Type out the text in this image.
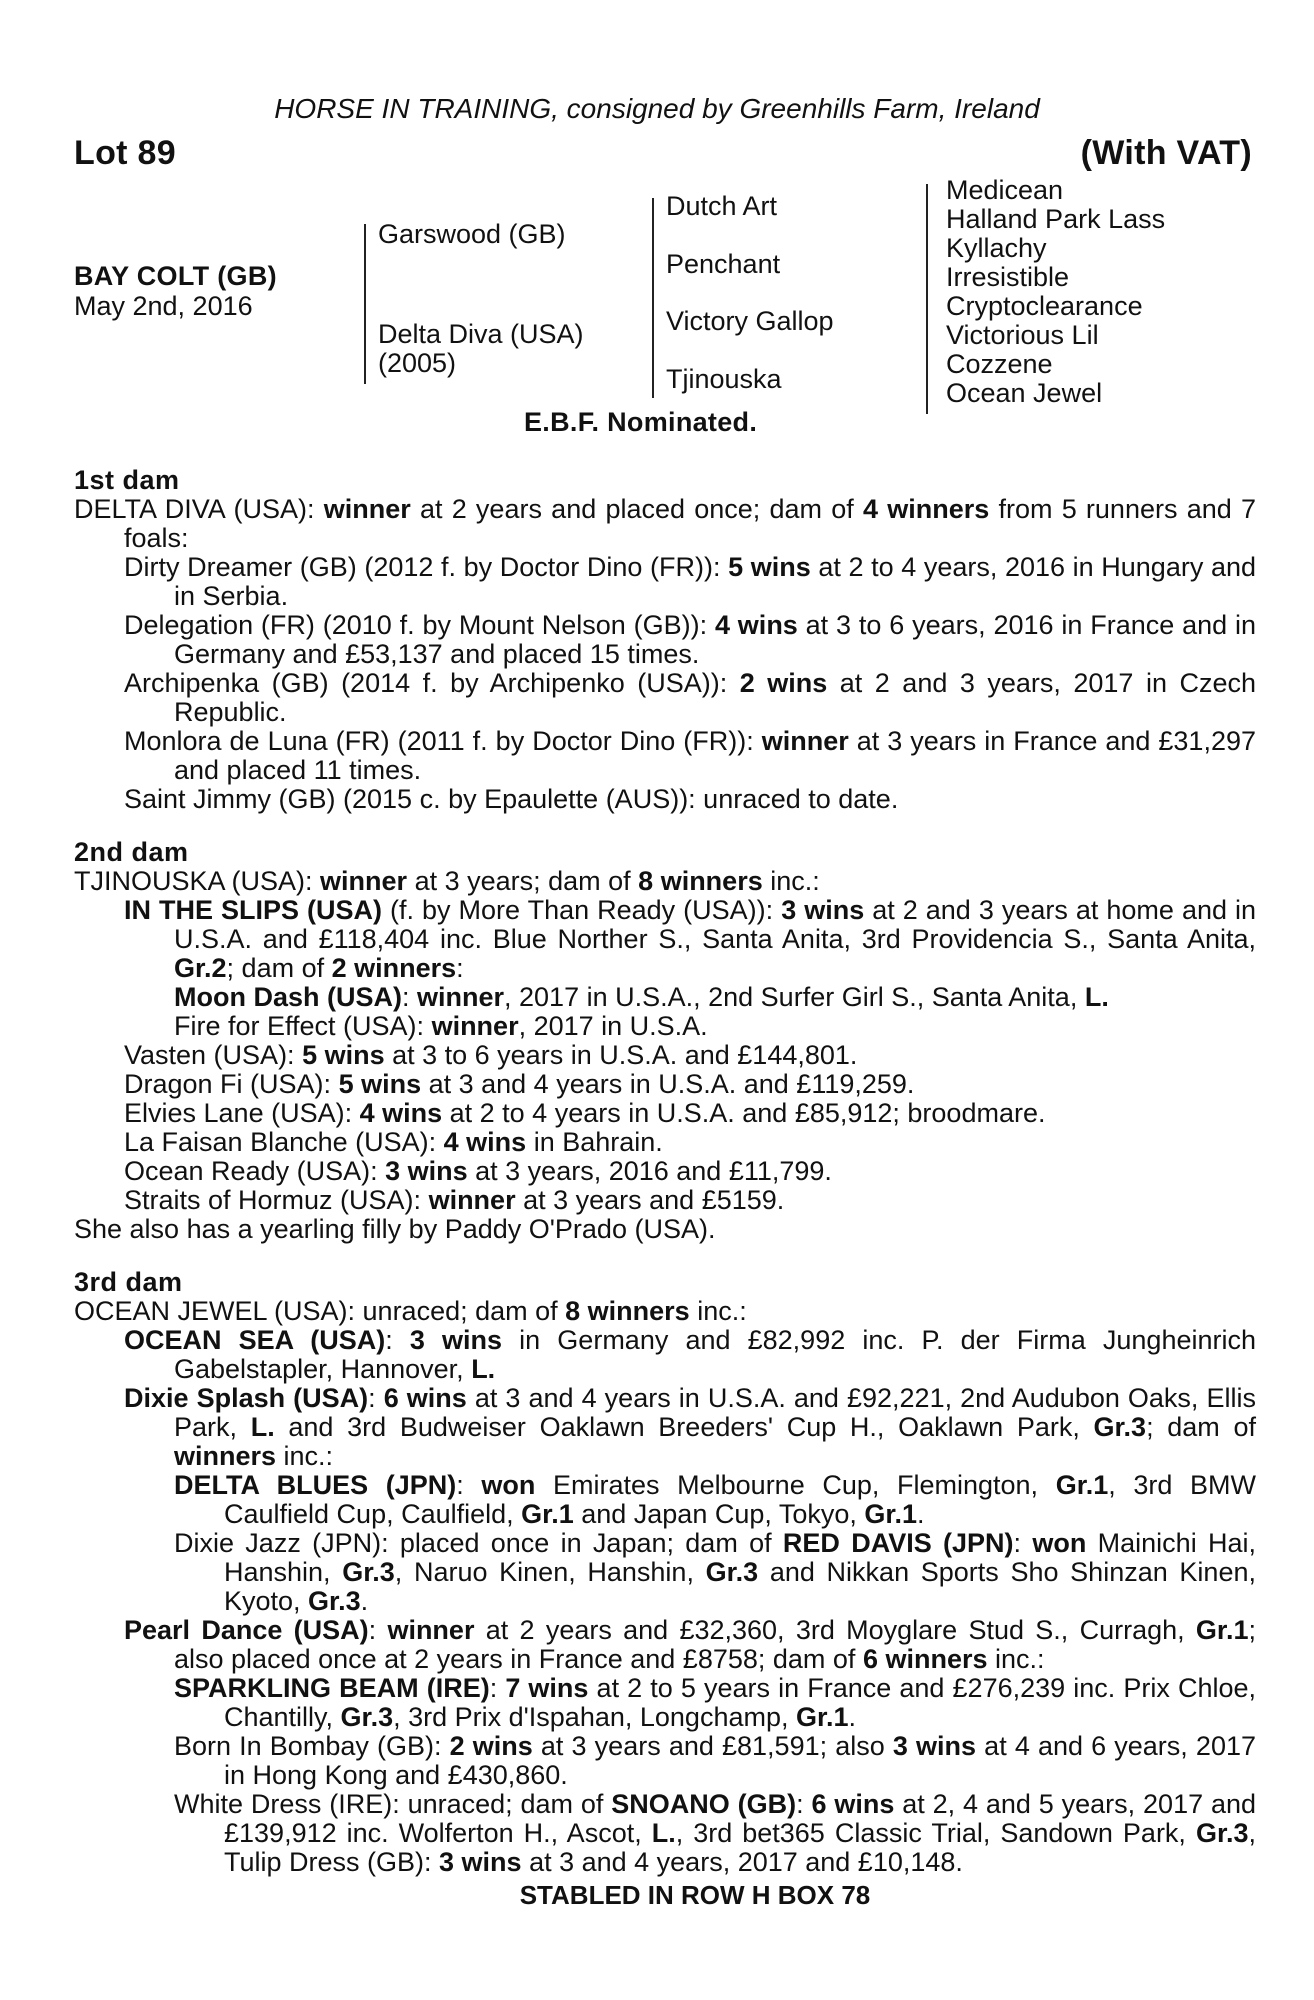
HORSE IN TRAINING, consigned by Greenhills Farm, Ireland
Lot 89	(With VAT)
BAY COLT (GB)
May 2nd, 2016
Garswood (GB)
Delta Diva (USA)
(2005)
Dutch Art
Penchant
Victory Gallop
Tjinouska
Medicean
Halland Park Lass
Kyllachy
Irresistible
Cryptoclearance
Victorious Lil
Cozzene
Ocean Jewel
E.B.F. Nominated.
1st dam
DELTA DIVA (USA): winner at 2 years and placed once; dam of 4 winners from 5 runners and 7 foals:
Dirty Dreamer (GB) (2012 f. by Doctor Dino (FR)): 5 wins at 2 to 4 years, 2016 in Hungary and in Serbia.
Delegation (FR) (2010 f. by Mount Nelson (GB)): 4 wins at 3 to 6 years, 2016 in France and in Germany and £53,137 and placed 15 times.
Archipenka (GB) (2014 f. by Archipenko (USA)): 2 wins at 2 and 3 years, 2017 in Czech Republic.
Monlora de Luna (FR) (2011 f. by Doctor Dino (FR)): winner at 3 years in France and £31,297 and placed 11 times.
Saint Jimmy (GB) (2015 c. by Epaulette (AUS)): unraced to date.
2nd dam
TJINOUSKA (USA): winner at 3 years; dam of 8 winners inc.:
IN THE SLIPS (USA) (f. by More Than Ready (USA)): 3 wins at 2 and 3 years at home and in U.S.A. and £118,404 inc. Blue Norther S., Santa Anita, 3rd Providencia S., Santa Anita, Gr.2; dam of 2 winners:
Moon Dash (USA): winner, 2017 in U.S.A., 2nd Surfer Girl S., Santa Anita, L.
Fire for Effect (USA): winner, 2017 in U.S.A.
Vasten (USA): 5 wins at 3 to 6 years in U.S.A. and £144,801.
Dragon Fi (USA): 5 wins at 3 and 4 years in U.S.A. and £119,259.
Elvies Lane (USA): 4 wins at 2 to 4 years in U.S.A. and £85,912; broodmare.
La Faisan Blanche (USA): 4 wins in Bahrain.
Ocean Ready (USA): 3 wins at 3 years, 2016 and £11,799.
Straits of Hormuz (USA): winner at 3 years and £5159.
She also has a yearling filly by Paddy O'Prado (USA).
3rd dam
OCEAN JEWEL (USA): unraced; dam of 8 winners inc.:
OCEAN SEA (USA): 3 wins in Germany and £82,992 inc. P. der Firma Jungheinrich Gabelstapler, Hannover, L.
Dixie Splash (USA): 6 wins at 3 and 4 years in U.S.A. and £92,221, 2nd Audubon Oaks, Ellis Park, L. and 3rd Budweiser Oaklawn Breeders' Cup H., Oaklawn Park, Gr.3; dam of winners inc.:
DELTA BLUES (JPN): won Emirates Melbourne Cup, Flemington, Gr.1, 3rd BMW Caulfield Cup, Caulfield, Gr.1 and Japan Cup, Tokyo, Gr.1.
Dixie Jazz (JPN): placed once in Japan; dam of RED DAVIS (JPN): won Mainichi Hai, Hanshin, Gr.3, Naruo Kinen, Hanshin, Gr.3 and Nikkan Sports Sho Shinzan Kinen, Kyoto, Gr.3.
Pearl Dance (USA): winner at 2 years and £32,360, 3rd Moyglare Stud S., Curragh, Gr.1; also placed once at 2 years in France and £8758; dam of 6 winners inc.:
SPARKLING BEAM (IRE): 7 wins at 2 to 5 years in France and £276,239 inc. Prix Chloe, Chantilly, Gr.3, 3rd Prix d'Ispahan, Longchamp, Gr.1.
Born In Bombay (GB): 2 wins at 3 years and £81,591; also 3 wins at 4 and 6 years, 2017 in Hong Kong and £430,860.
White Dress (IRE): unraced; dam of SNOANO (GB): 6 wins at 2, 4 and 5 years, 2017 and £139,912 inc. Wolferton H., Ascot, L., 3rd bet365 Classic Trial, Sandown Park, Gr.3, Tulip Dress (GB): 3 wins at 3 and 4 years, 2017 and £10,148.
STABLED IN ROW H BOX 78
